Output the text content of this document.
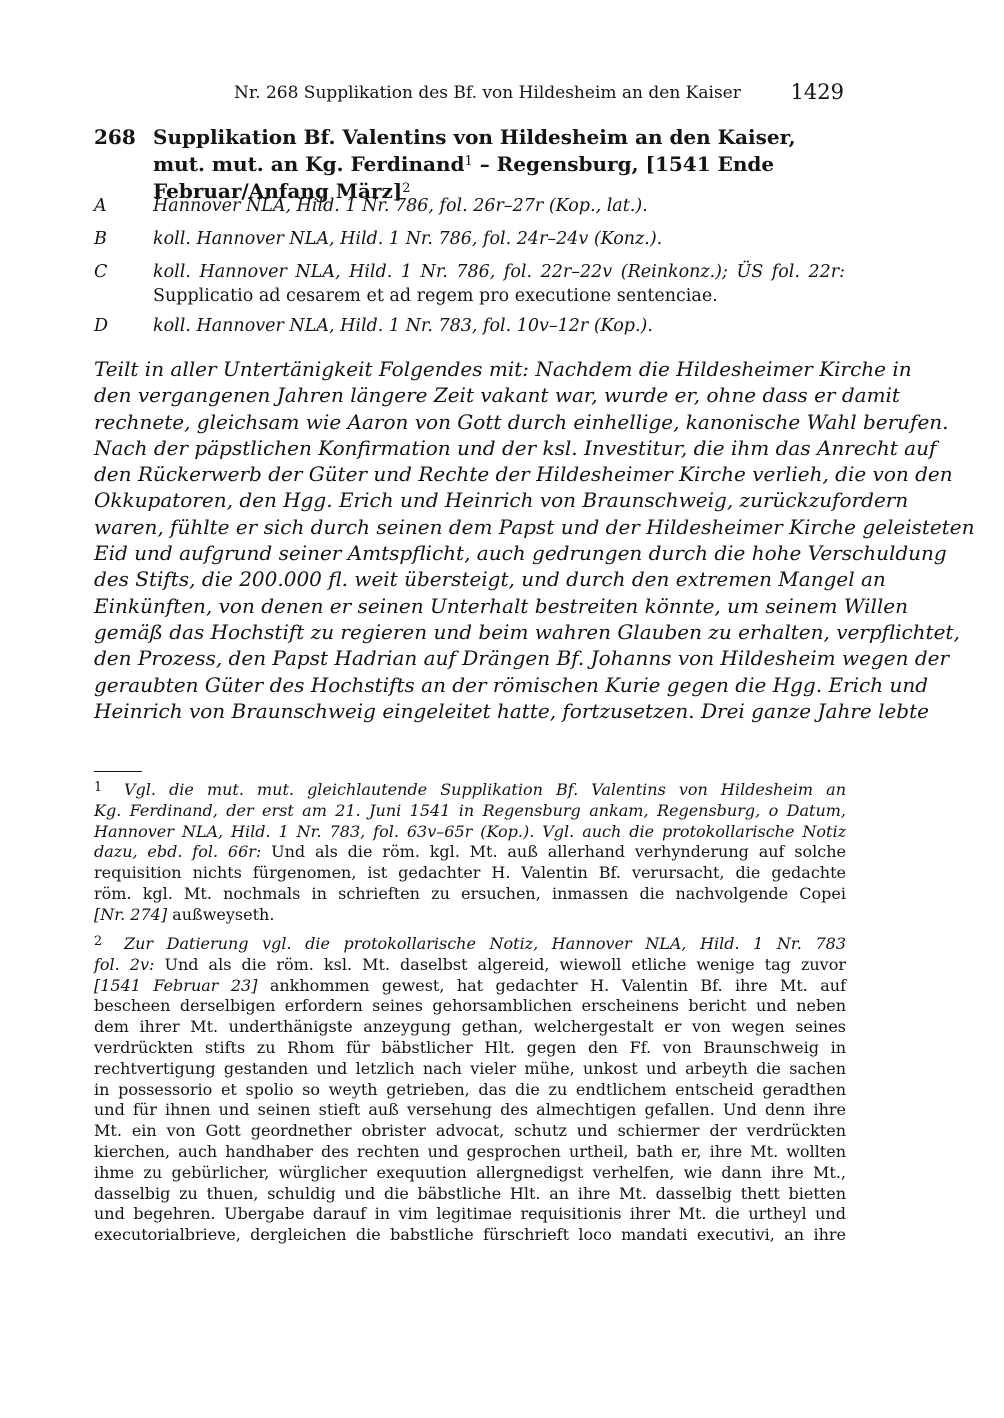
Nr. 268 Supplikation des Bf. von Hildesheim an den Kaiser 1429
268 Supplikation Bf. Valentins von Hildesheim an den Kaiser, mut. mut. an Kg. Ferdinand$^1$ – Regensburg, [1541 Ende Februar/Anfang März]$^2$
A	Hannover NLA, Hild. 1 Nr. 786, fol. 26r–27r (Kop., lat.).
B	koll. Hannover NLA, Hild. 1 Nr. 786, fol. 24r–24v (Konz.).
C	koll. Hannover NLA, Hild. 1 Nr. 786, fol. 22r–22v (Reinkonz.); ÜS fol. 22r:
Supplicatio ad cesarem et ad regem pro executione sentenciae.
D	koll. Hannover NLA, Hild. 1 Nr. 783, fol. 10v–12r (Kop.).

Teilt in aller Untertänigkeit Folgendes mit: Nachdem die Hildesheimer Kirche in

den vergangenen Jahren längere Zeit vakant war, wurde er, ohne dass er damit

rechnete, gleichsam wie Aaron von Gott durch einhellige, kanonische Wahl berufen.

Nach der päpstlichen Konfirmation und der ksl. Investitur, die ihm das Anrecht auf

den Rückerwerb der Güter und Rechte der Hildesheimer Kirche verlieh, die von den

Okkupatoren, den Hgg. Erich und Heinrich von Braunschweig, zurückzufordern

waren, fühlte er sich durch seinen dem Papst und der Hildesheimer Kirche geleisteten

Eid und aufgrund seiner Amtspflicht, auch gedrungen durch die hohe Verschuldung

des Stifts, die 200.000 fl. weit übersteigt, und durch den extremen Mangel an

Einkünften, von denen er seinen Unterhalt bestreiten könnte, um seinem Willen

gemäß das Hochstift zu regieren und beim wahren Glauben zu erhalten, verpflichtet,

den Prozess, den Papst Hadrian auf Drängen Bf. Johanns von Hildesheim wegen der

geraubten Güter des Hochstifts an der römischen Kurie gegen die Hgg. Erich und

Heinrich von Braunschweig eingeleitet hatte, fortzusetzen. Drei ganze Jahre lebte

1 Vgl. die mut. mut. gleichlautende Supplikation Bf. Valentins von Hildesheim an

Kg. Ferdinand, der erst am 21. Juni 1541 in Regensburg ankam, Regensburg, o Datum,

Hannover NLA, Hild. 1 Nr. 783, fol. 63v–65r (Kop.). Vgl. auch die protokollarische Notiz

dazu, ebd. fol. 66r: Und als die röm. kgl. Mt. auß allerhand verhynderung auf solche

requisition nichts fürgenomen, ist gedachter H. Valentin Bf. verursacht, die gedachte

röm. kgl. Mt. nochmals in schrieften zu ersuchen, inmassen die nachvolgende Copei

[Nr. 274] außweyseth.

2 Zur Datierung vgl. die protokollarische Notiz, Hannover NLA, Hild. 1 Nr. 783

fol. 2v: Und als die röm. ksl. Mt. daselbst algereid, wiewoll etliche wenige tag zuvor

[1541 Februar 23] ankhommen gewest, hat gedachter H. Valentin Bf. ihre Mt. auf

bescheen derselbigen erfordern seines gehorsamblichen erscheinens bericht und neben

dem ihrer Mt. underthänigste anzeygung gethan, welchergestalt er von wegen seines

verdrückten stifts zu Rhom für bäbstlicher Hlt. gegen den Ff. von Braunschweig in

rechtvertigung gestanden und letzlich nach vieler mühe, unkost und arbeyth die sachen

in possessorio et spolio so weyth getrieben, das die zu endtlichem entscheid geradthen

und für ihnen und seinen stieft auß versehung des almechtigen gefallen. Und denn ihre

Mt. ein von Gott geordnether obrister advocat, schutz und schiermer der verdrückten

kierchen, auch handhaber des rechten und gesprochen urtheil, bath er, ihre Mt. wollten

ihme zu gebürlicher, würglicher exequution allergnedigst verhelfen, wie dann ihre Mt.,

dasselbig zu thuen, schuldig und die bäbstliche Hlt. an ihre Mt. dasselbig thett bietten

und begehren. Ubergabe darauf in vim legitimae requisitionis ihrer Mt. die urtheyl und

executorialbrieve, dergleichen die babstliche fürschrieft loco mandati executivi, an ihre
